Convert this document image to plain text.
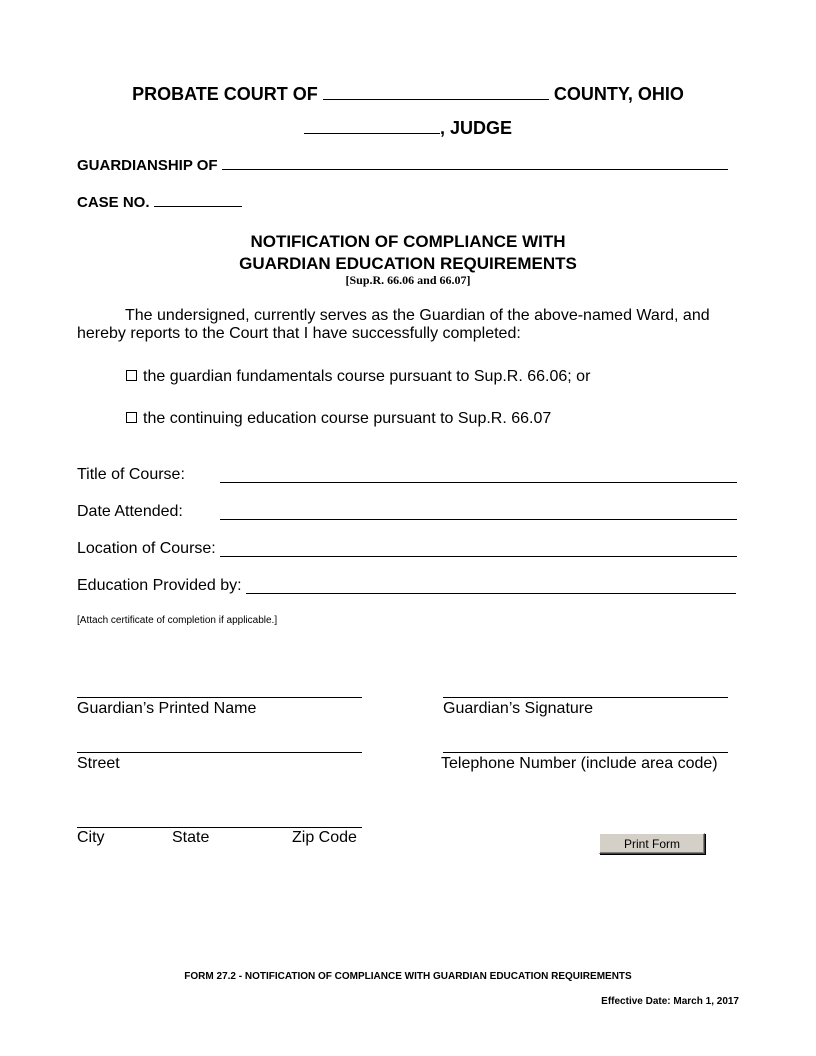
PROBATE COURT OF	COUNTY, OHIO
, JUDGE
GUARDIANSHIP OF
CASE NO.
NOTIFICATION OF COMPLIANCE WITH
GUARDIAN EDUCATION REQUIREMENTS
[Sup.R. 66.06 and 66.07]
The undersigned, currently serves as the Guardian of the above-named Ward, and
hereby reports to the Court that I have successfully completed:
the guardian fundamentals course pursuant to Sup.R. 66.06; or
the continuing education course pursuant to Sup.R. 66.07
Title of Course:
Date Attended:
Location of Course:
Education Provided by:
[Attach certificate of completion if applicable.]
Guardian’s Printed Name	Guardian’s Signature
Street	Telephone Number (include area code)
City	State	Zip Code	Print Form
FORM 27.2 - NOTIFICATION OF COMPLIANCE WITH GUARDIAN EDUCATION REQUIREMENTS
Effective Date: March 1, 2017
